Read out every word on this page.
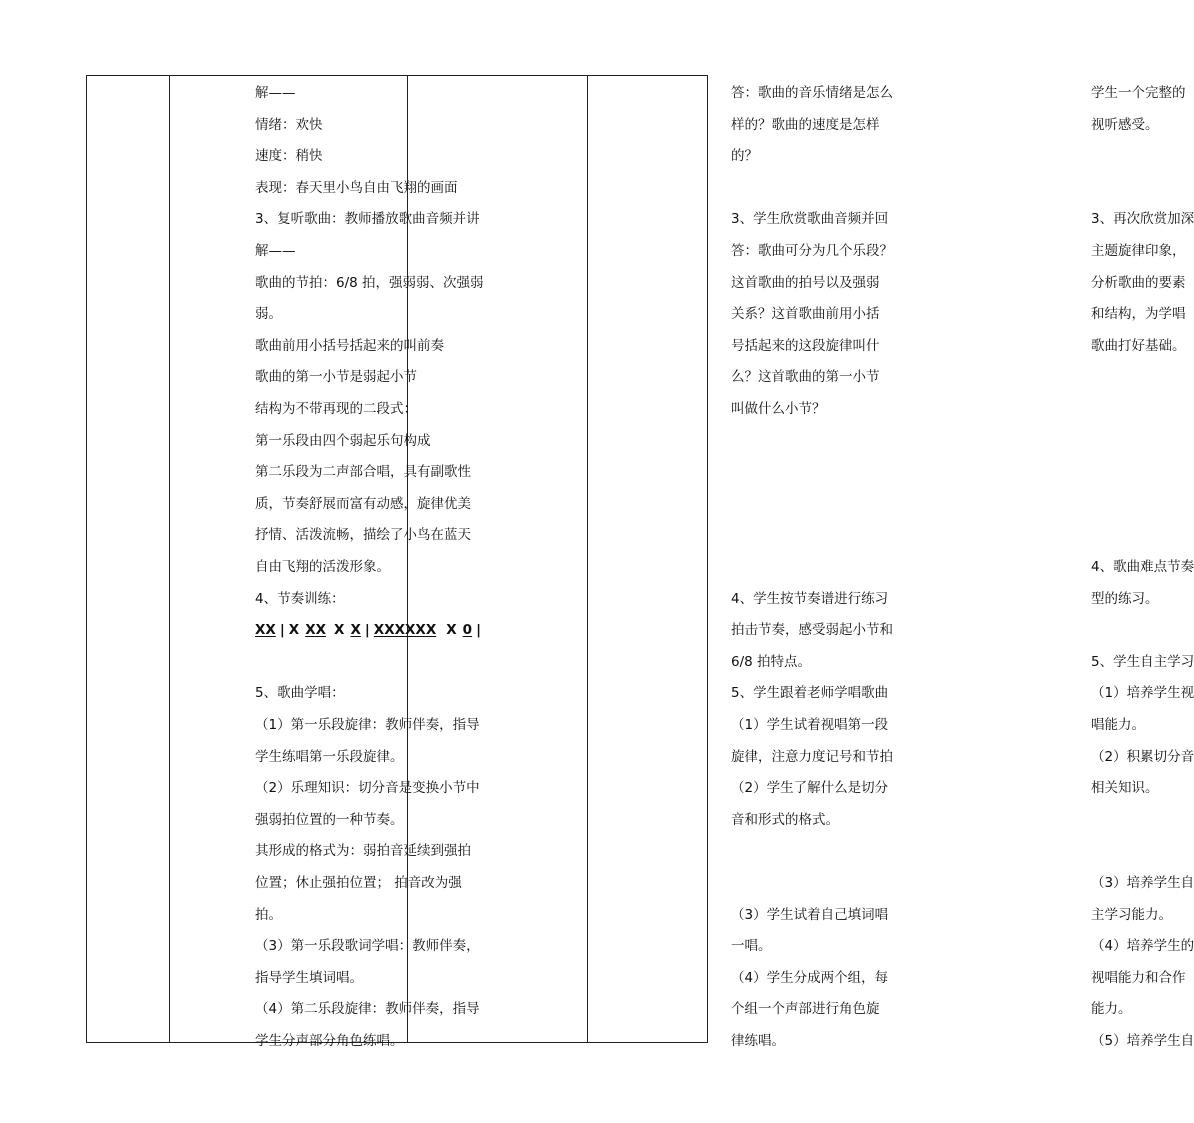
解——
情绪：欢快
速度：稍快
表现：春天里小鸟自由飞翔的画面
3、复听歌曲：教师播放歌曲音频并讲
解——
歌曲的节拍：6/8 拍，强弱弱、次强弱
弱。
歌曲前用小括号括起来的叫前奏
歌曲的第一小节是弱起小节
结构为不带再现的二段式：
第一乐段由四个弱起乐句构成
第二乐段为二声部合唱，具有副歌性
质，节奏舒展而富有动感，旋律优美
抒情、活泼流畅，描绘了小鸟在蓝天
自由飞翔的活泼形象。
4、节奏训练：
5、歌曲学唱：
（1）第一乐段旋律：教师伴奏，指导
学生练唱第一乐段旋律。
（2）乐理知识：切分音是变换小节中
强弱拍位置的一种节奏。
其形成的格式为：弱拍音延续到强拍
位置；休止强拍位置； 拍音改为强
拍。
（3）第一乐段歌词学唱：教师伴奏，
指导学生填词唱。
（4）第二乐段旋律：教师伴奏，指导
学生分声部分角色练唱。
XX | X XX X X | XXXXXX X 0 |
答：歌曲的音乐情绪是怎么
样的？歌曲的速度是怎样
的？
3、学生欣赏歌曲音频并回
答：歌曲可分为几个乐段？
这首歌曲的拍号以及强弱
关系？这首歌曲前用小括
号括起来的这段旋律叫什
么？这首歌曲的第一小节
叫做什么小节？
4、学生按节奏谱进行练习
拍击节奏，感受弱起小节和
6/8 拍特点。
5、学生跟着老师学唱歌曲
（1）学生试着视唱第一段
旋律，注意力度记号和节拍
（2）学生了解什么是切分
音和形式的格式。
（3）学生试着自己填词唱
一唱。
（4）学生分成两个组，每
个组一个声部进行角色旋
律练唱。
学生一个完整的
视听感受。
3、再次欣赏加深
主题旋律印象，
分析歌曲的要素
和结构，为学唱
歌曲打好基础。
4、歌曲难点节奏
型的练习。
5、学生自主学习
（1）培养学生视
唱能力。
（2）积累切分音
相关知识。
（3）培养学生自
主学习能力。
（4）培养学生的
视唱能力和合作
能力。
（5）培养学生自
